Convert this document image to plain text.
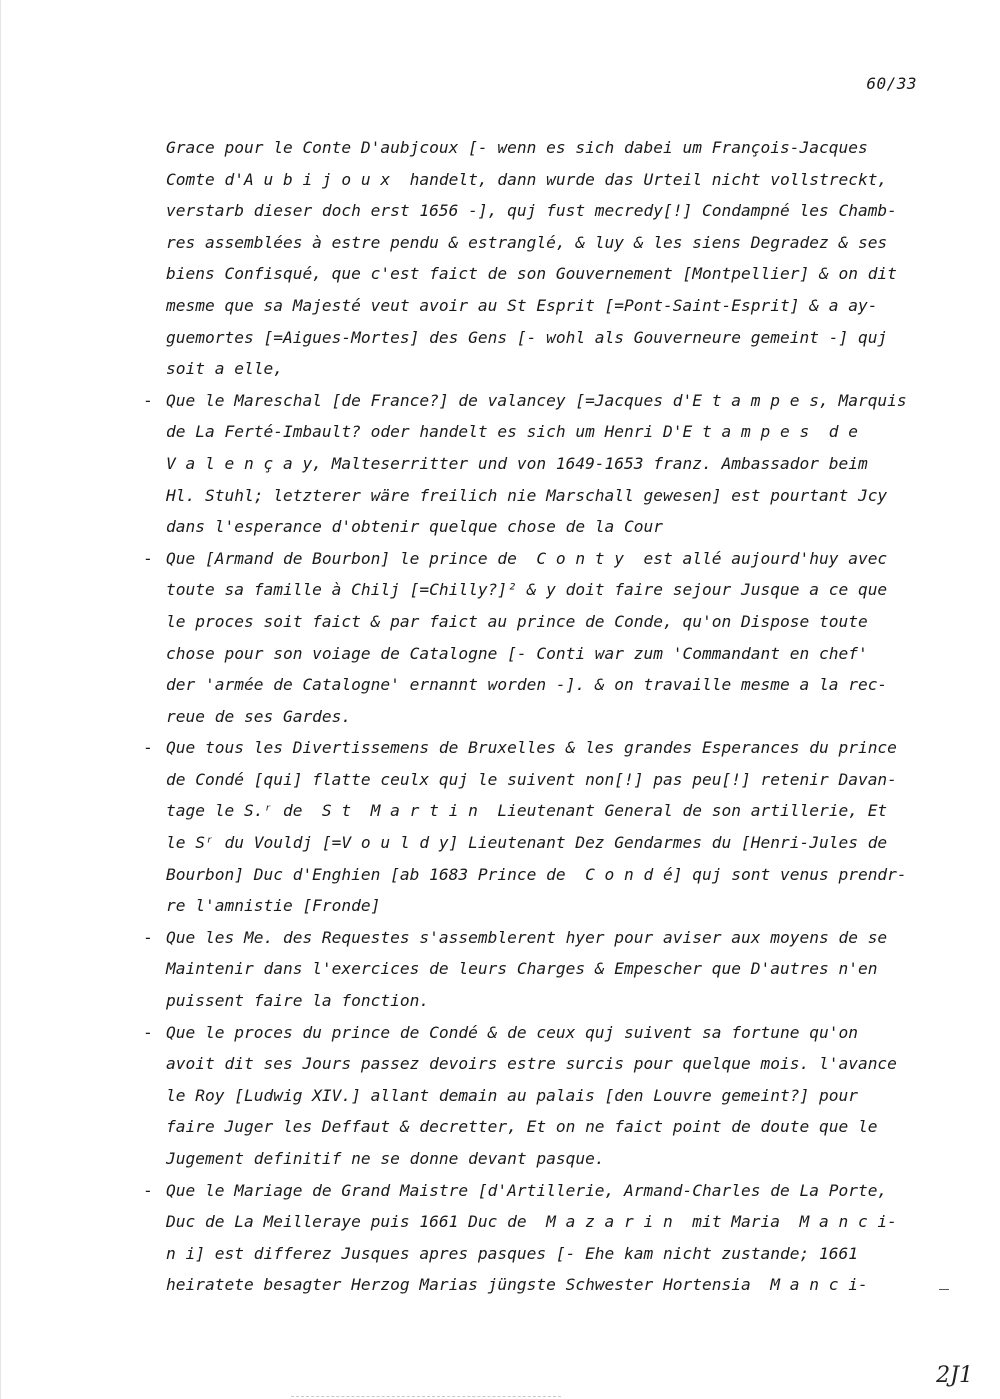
60/33
Grace pour le Conte D'aubjcoux [- wenn es sich dabei um François-Jacques
Comte d'A u b i j o u x  handelt, dann wurde das Urteil nicht vollstreckt,
verstarb dieser doch erst 1656 -], quj fust mecredy[!] Condampné les Chamb-
res assemblées à estre pendu & estranglé, & luy & les siens Degradez & ses
biens Confisqué, que c'est faict de son Gouvernement [Montpellier] & on dit
mesme que sa Majesté veut avoir au St Esprit [=Pont-Saint-Esprit] & a ay-
guemortes [=Aigues-Mortes] des Gens [- wohl als Gouverneure gemeint -] quj
soit a elle,
- Que le Mareschal [de France?] de valancey [=Jacques d'E t a m p e s, Marquis
de La Ferté-Imbault? oder handelt es sich um Henri D'E t a m p e s  d e
V a l e n ç a y, Malteserritter und von 1649-1653 franz. Ambassador beim
Hl. Stuhl; letzterer wäre freilich nie Marschall gewesen] est pourtant Jcy
dans l'esperance d'obtenir quelque chose de la Cour
- Que [Armand de Bourbon] le prince de  C o n t y  est allé aujourd'huy avec
toute sa famille à Chilj [=Chilly?]² & y doit faire sejour Jusque a ce que
le proces soit faict & par faict au prince de Conde, qu'on Dispose toute
chose pour son voiage de Catalogne [- Conti war zum 'Commandant en chef'
der 'armée de Catalogne' ernannt worden -]. & on travaille mesme a la rec-
reue de ses Gardes.
- Que tous les Divertissemens de Bruxelles & les grandes Esperances du prince
de Condé [qui] flatte ceulx quj le suivent non[!] pas peu[!] retenir Davan-
tage le S.ʳ de  S t  M a r t i n  Lieutenant General de son artillerie, Et
le Sʳ du Vouldj [=V o u l d y] Lieutenant Dez Gendarmes du [Henri-Jules de
Bourbon] Duc d'Enghien [ab 1683 Prince de  C o n d é] quj sont venus prendr-
re l'amnistie [Fronde]
- Que les Me. des Requestes s'assemblerent hyer pour aviser aux moyens de se
Maintenir dans l'exercices de leurs Charges & Empescher que D'autres n'en
puissent faire la fonction.
- Que le proces du prince de Condé & de ceux quj suivent sa fortune qu'on
avoit dit ses Jours passez devoirs estre surcis pour quelque mois. l'avance
le Roy [Ludwig XIV.] allant demain au palais [den Louvre gemeint?] pour
faire Juger les Deffaut & decretter, Et on ne faict point de doute que le
Jugement definitif ne se donne devant pasque.
- Que le Mariage de Grand Maistre [d'Artillerie, Armand-Charles de La Porte,
Duc de La Meilleraye puis 1661 Duc de  M a z a r i n  mit Maria  M a n c i-
n i] est differez Jusques apres pasques [- Ehe kam nicht zustande; 1661
heiratete besagter Herzog Marias jüngste Schwester Hortensia  M a n c i-
2J1
